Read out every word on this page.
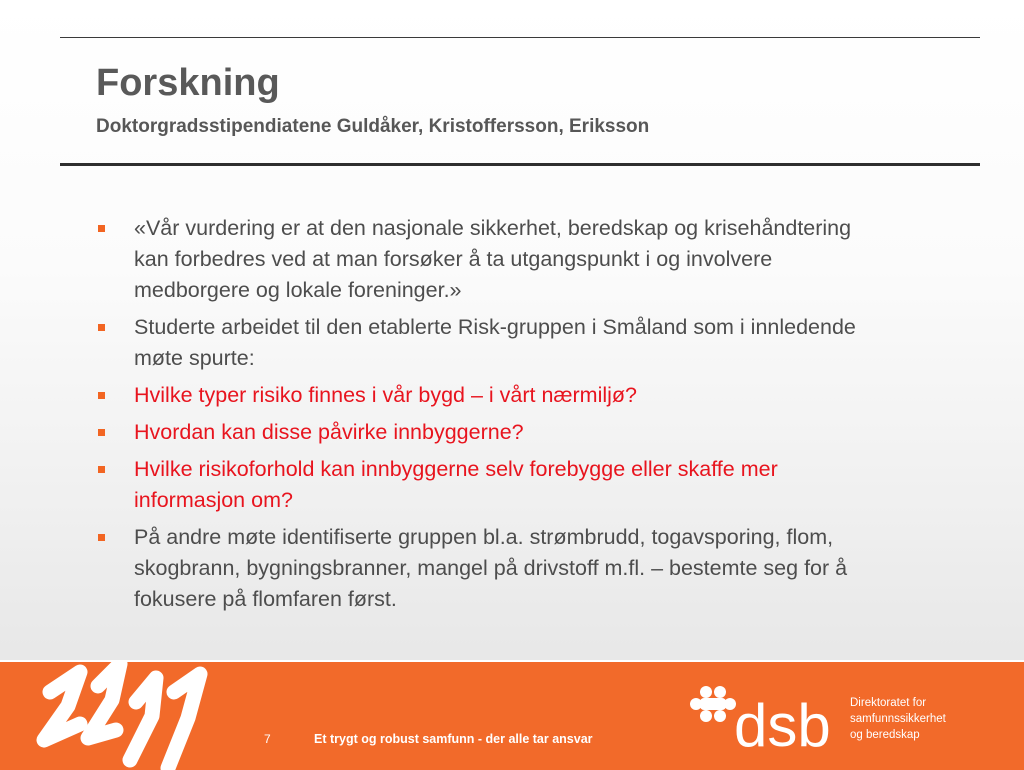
Forskning
Doktorgradsstipendiatene Guldåker, Kristoffersson, Eriksson
«Vår vurdering er at den nasjonale sikkerhet, beredskap og krisehåndtering kan forbedres ved at man forsøker å ta utgangspunkt i og involvere medborgere og lokale foreninger.»
Studerte arbeidet til den etablerte Risk-gruppen i Småland som i innledende møte spurte:
Hvilke typer risiko finnes i vår bygd – i vårt nærmiljø?
Hvordan kan disse påvirke innbyggerne?
Hvilke risikoforhold kan innbyggerne selv forebygge eller skaffe mer informasjon om?
På andre møte identifiserte gruppen bl.a. strømbrudd, togavsporing, flom, skogbrann, bygningsbranner, mangel på drivstoff m.fl. – bestemte seg for å fokusere på flomfaren først.
7	Et trygt og robust samfunn - der alle tar ansvar dsb Direktoratet for
samfunnssikkerhet
og beredskap
